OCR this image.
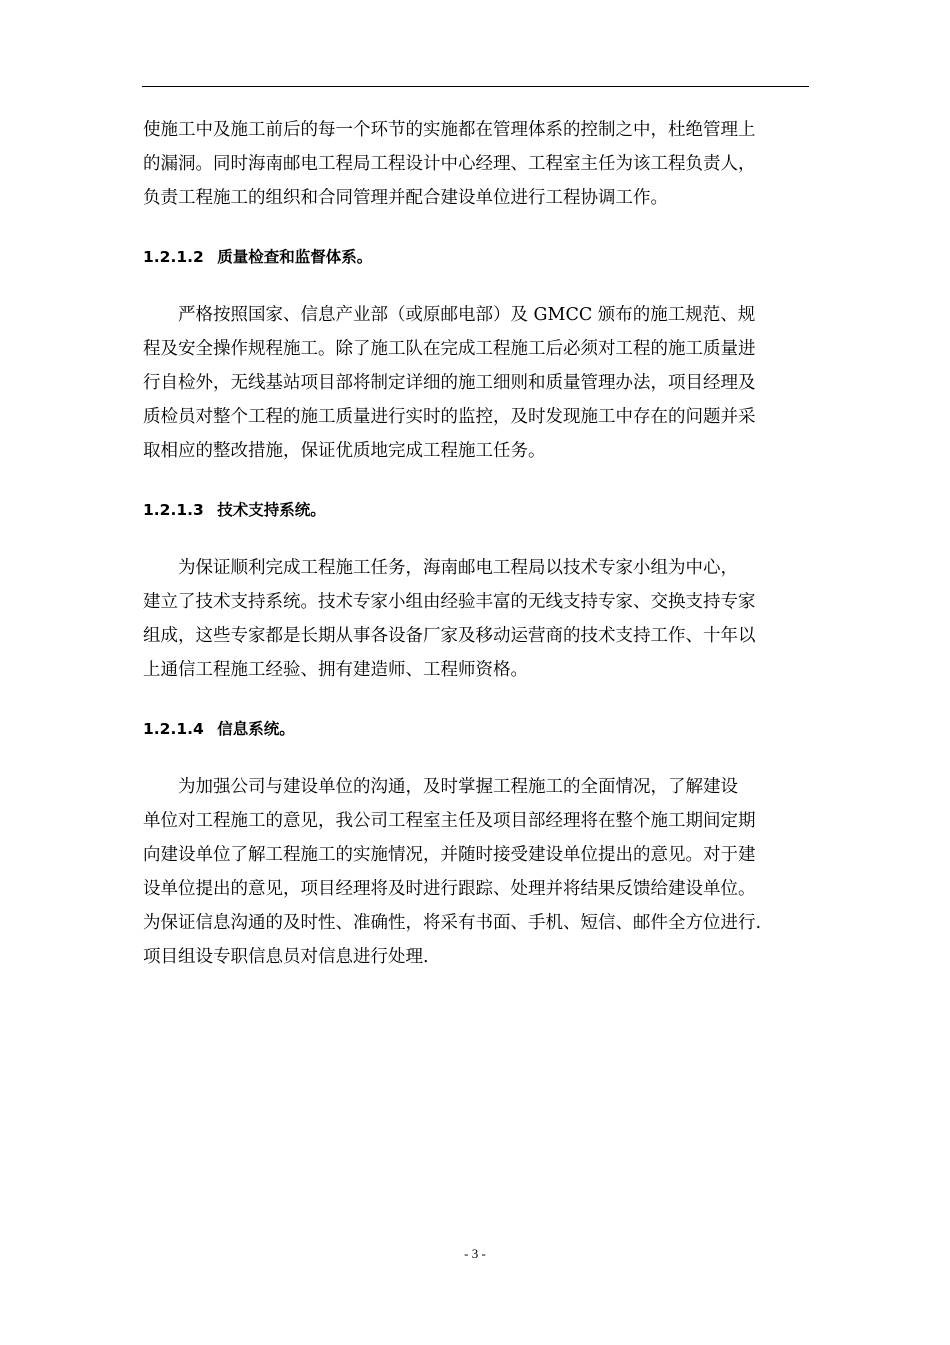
使施工中及施工前后的每一个环节的实施都在管理体系的控制之中，杜绝管理上
的漏洞。同时海南邮电工程局工程设计中心经理、工程室主任为该工程负责人，
负责工程施工的组织和合同管理并配合建设单位进行工程协调工作。

1.2.1.2 质量检查和监督体系。

严格按照国家、信息产业部（或原邮电部）及 GMCC 颁布的施工规范、规
程及安全操作规程施工。除了施工队在完成工程施工后必须对工程的施工质量进
行自检外，无线基站项目部将制定详细的施工细则和质量管理办法，项目经理及
质检员对整个工程的施工质量进行实时的监控，及时发现施工中存在的问题并采
取相应的整改措施，保证优质地完成工程施工任务。

1.2.1.3 技术支持系统。

为保证顺利完成工程施工任务，海南邮电工程局以技术专家小组为中心，
建立了技术支持系统。技术专家小组由经验丰富的无线支持专家、交换支持专家
组成，这些专家都是长期从事各设备厂家及移动运营商的技术支持工作、十年以
上通信工程施工经验、拥有建造师、工程师资格。

1.2.1.4 信息系统。

为加强公司与建设单位的沟通，及时掌握工程施工的全面情况，了解建设
单位对工程施工的意见，我公司工程室主任及项目部经理将在整个施工期间定期
向建设单位了解工程施工的实施情况，并随时接受建设单位提出的意见。对于建
设单位提出的意见，项目经理将及时进行跟踪、处理并将结果反馈给建设单位。
为保证信息沟通的及时性、准确性，将采有书面、手机、短信、邮件全方位进行.
项目组设专职信息员对信息进行处理.

- 3 -
